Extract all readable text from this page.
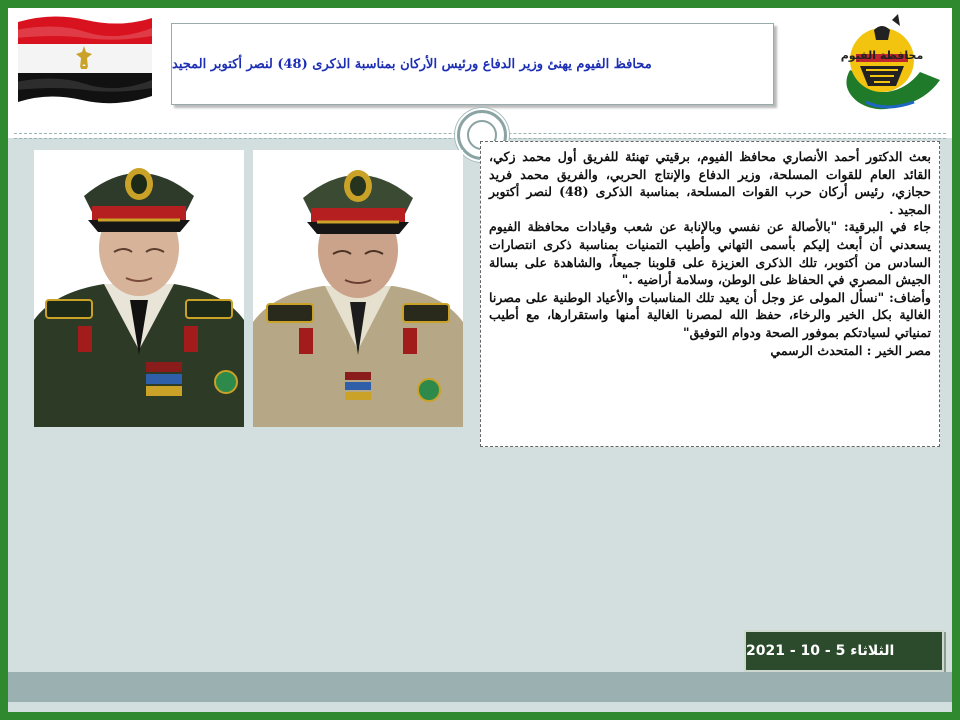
محافظ الفيوم يهنئ وزير الدفاع ورئيس الأركان بمناسبة الذكرى (48) لنصر أكتوبر المجيد
محافظة الفيوم

بعث الدكتور أحمد الأنصاري محافظ الفيوم، برقيتي تهنئة للفريق أول محمد زكي، القائد العام للقوات المسلحة، وزير الدفاع والإنتاج الحربي، والفريق محمد فريد حجازي، رئيس أركان حرب القوات المسلحة، بمناسبة الذكرى (48) لنصر أكتوبر المجيد .

جاء في البرقية: "بالأصالة عن نفسي وبالإنابة عن شعب وقيادات محافظة الفيوم يسعدني أن أبعث إليكم بأسمى التهاني وأطيب التمنيات بمناسبة ذكرى انتصارات السادس من أكتوبر، تلك الذكرى العزيزة على قلوبنا جميعاً، والشاهدة على بسالة الجيش المصري في الحفاظ على الوطن، وسلامة أراضيه ."

وأضاف: "نسأل المولى عز وجل أن يعيد تلك المناسبات والأعياد الوطنية على مصرنا الغالية بكل الخير والرخاء، حفظ الله لمصرنا الغالية أمنها واستقرارها، مع أطيب تمنياتي لسيادتكم بموفور الصحة ودوام التوفيق"

مصر الخير : المتحدث الرسمي

الثلاثاء 5 - 10 - 2021
